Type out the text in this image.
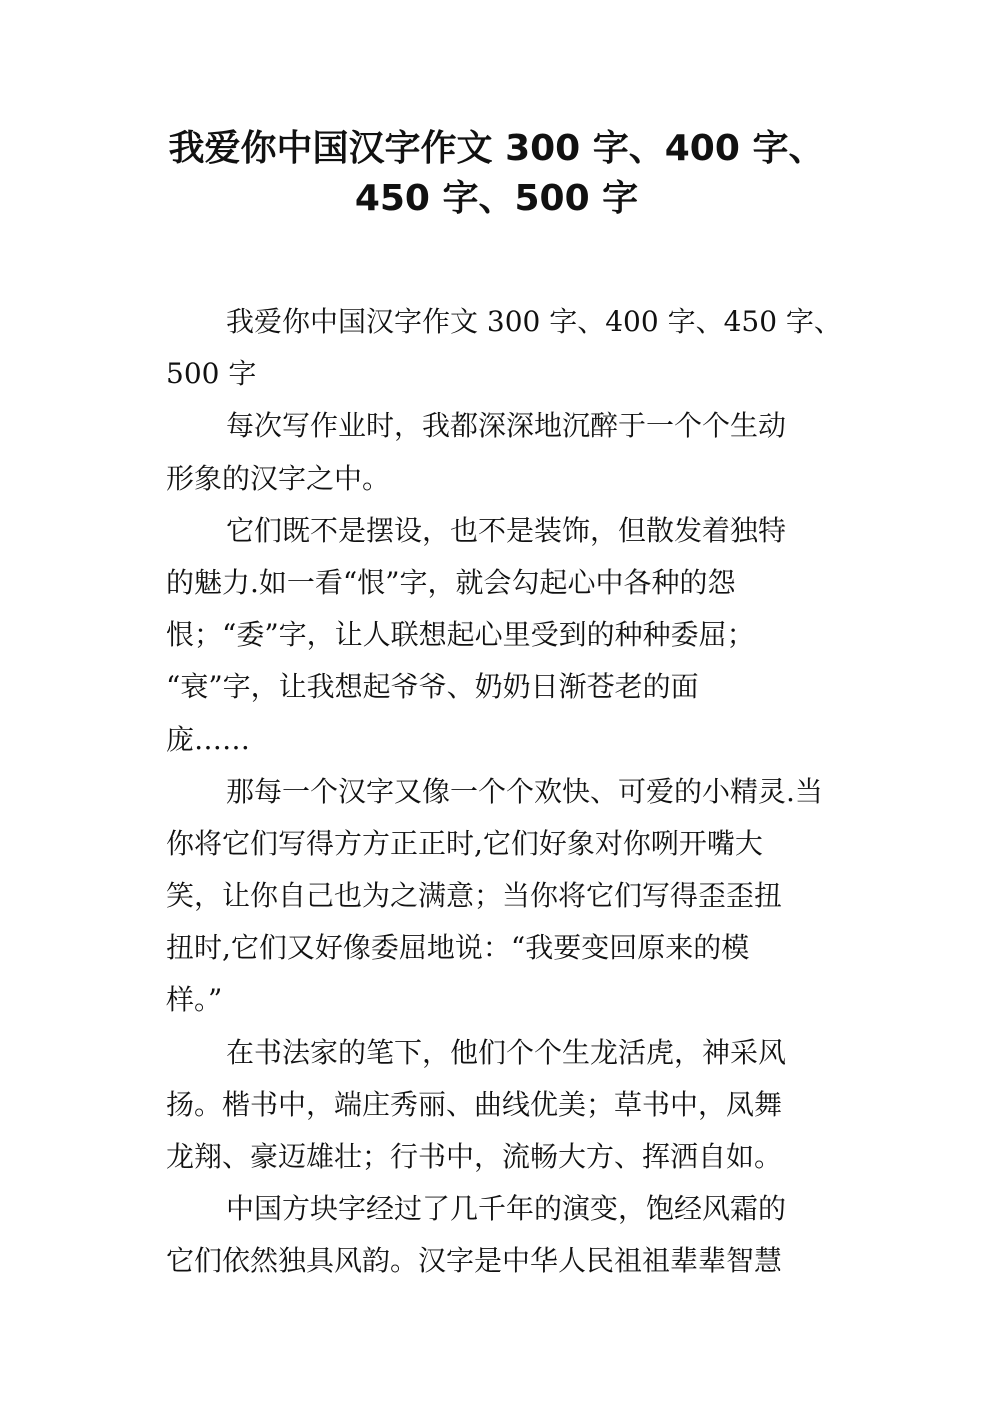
我爱你中国汉字作文 300 字、400 字、
450 字、500 字
我爱你中国汉字作文 300 字、400 字、450 字、
500 字
每次写作业时，我都深深地沉醉于一个个生动
形象的汉字之中。
它们既不是摆设，也不是装饰，但散发着独特
的魅力.如一看“恨”字，就会勾起心中各种的怨
恨；“委”字，让人联想起心里受到的种种委屈；
“衰”字，让我想起爷爷、奶奶日渐苍老的面
庞……
那每一个汉字又像一个个欢快、可爱的小精灵.当
你将它们写得方方正正时,它们好象对你咧开嘴大
笑，让你自己也为之满意；当你将它们写得歪歪扭
扭时,它们又好像委屈地说：“我要变回原来的模
样。”
在书法家的笔下，他们个个生龙活虎，神采风
扬。楷书中，端庄秀丽、曲线优美；草书中，凤舞
龙翔、豪迈雄壮；行书中，流畅大方、挥洒自如。
中国方块字经过了几千年的演变，饱经风霜的
它们依然独具风韵。汉字是中华人民祖祖辈辈智慧
